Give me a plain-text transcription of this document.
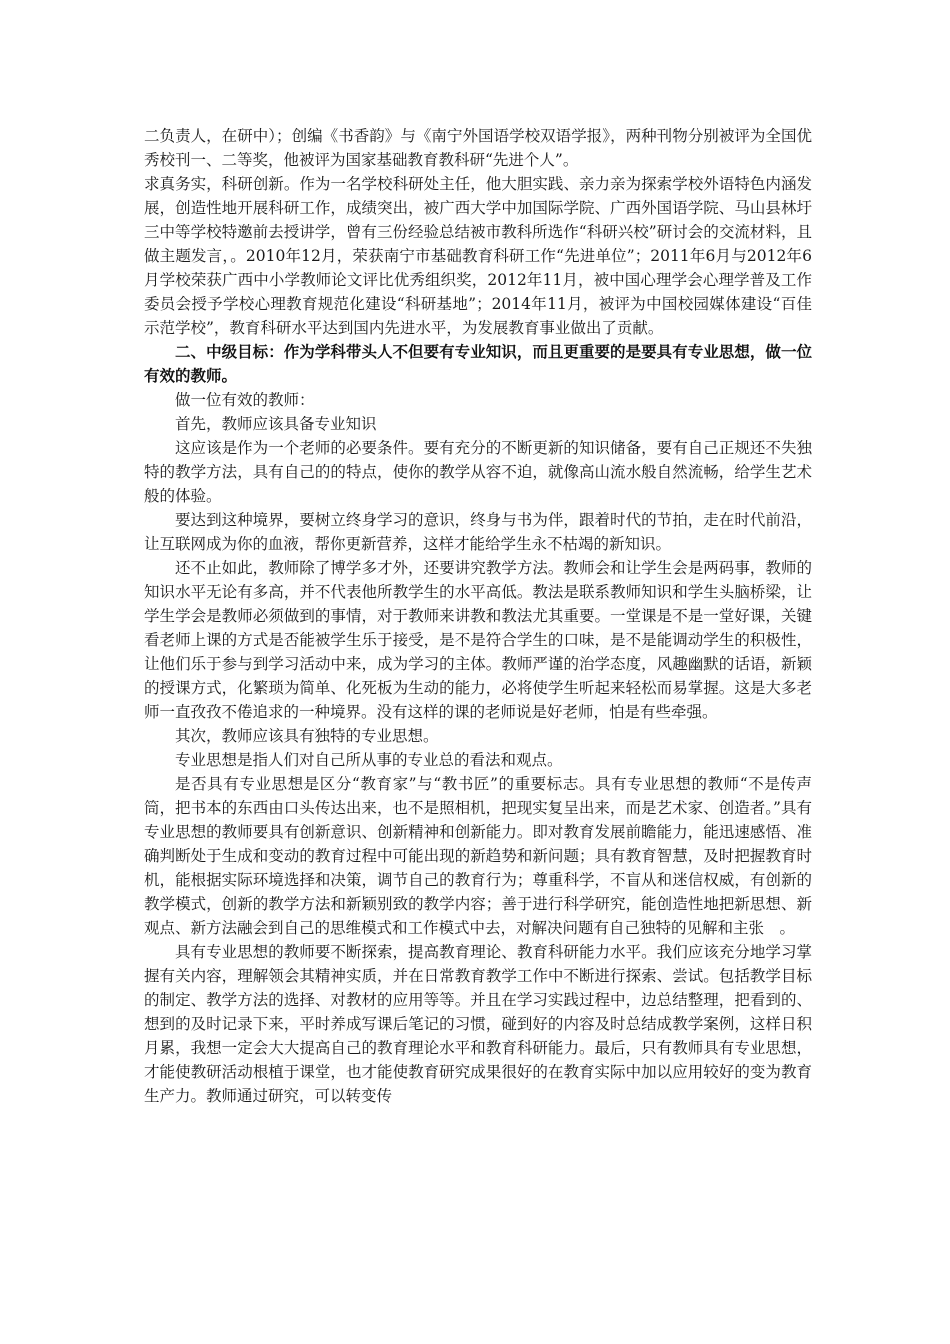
二负责人，在研中）；创编《书香韵》与《南宁外国语学校双语学报》，两种刊物分别被评为全国优秀校刊一、二等奖，他被评为国家基础教育教科研“先进个人”。

求真务实，科研创新。作为一名学校科研处主任，他大胆实践、亲力亲为探索学校外语特色内涵发展，创造性地开展科研工作，成绩突出，被广西大学中加国际学院、广西外国语学院、马山县林圩三中等学校特邀前去授讲学，曾有三份经验总结被市教科所选作“科研兴校”研讨会的交流材料，且做主题发言，。2010年12月，荣获南宁市基础教育科研工作“先进单位”；2011年6月与2012年6月学校荣获广西中小学教师论文评比优秀组织奖，2012年11月，被中国心理学会心理学普及工作委员会授予学校心理教育规范化建设“科研基地”；2014年11月，被评为中国校园媒体建设“百佳示范学校”，教育科研水平达到国内先进水平，为发展教育事业做出了贡献。

二、中级目标：作为学科带头人不但要有专业知识，而且更重要的是要具有专业思想，做一位有效的教师。

做一位有效的教师：

首先，教师应该具备专业知识

这应该是作为一个老师的必要条件。要有充分的不断更新的知识储备，要有自己正规还不失独特的教学方法，具有自己的的特点，使你的教学从容不迫，就像高山流水般自然流畅，给学生艺术般的体验。

要达到这种境界，要树立终身学习的意识，终身与书为伴，跟着时代的节拍，走在时代前沿，让互联网成为你的血液，帮你更新营养，这样才能给学生永不枯竭的新知识。

还不止如此，教师除了博学多才外，还要讲究教学方法。教师会和让学生会是两码事，教师的知识水平无论有多高，并不代表他所教学生的水平高低。教法是联系教师知识和学生头脑桥梁，让学生学会是教师必须做到的事情，对于教师来讲教和教法尤其重要。一堂课是不是一堂好课，关键看老师上课的方式是否能被学生乐于接受，是不是符合学生的口味，是不是能调动学生的积极性，让他们乐于参与到学习活动中来，成为学习的主体。教师严谨的治学态度，风趣幽默的话语，新颖的授课方式，化繁琐为简单、化死板为生动的能力，必将使学生听起来轻松而易掌握。这是大多老师一直孜孜不倦追求的一种境界。没有这样的课的老师说是好老师，怕是有些牵强。

其次，教师应该具有独特的专业思想。

专业思想是指人们对自己所从事的专业总的看法和观点。

是否具有专业思想是区分“教育家”与“教书匠”的重要标志。具有专业思想的教师“不是传声筒，把书本的东西由口头传达出来，也不是照相机，把现实复呈出来，而是艺术家、创造者。”具有专业思想的教师要具有创新意识、创新精神和创新能力。即对教育发展前瞻能力，能迅速感悟、准确判断处于生成和变动的教育过程中可能出现的新趋势和新问题；具有教育智慧，及时把握教育时机，能根据实际环境选择和决策，调节自己的教育行为；尊重科学，不盲从和迷信权威，有创新的教学模式，创新的教学方法和新颖别致的教学内容；善于进行科学研究，能创造性地把新思想、新观点、新方法融会到自己的思维模式和工作模式中去，对解决问题有自己独特的见解和主张　。

具有专业思想的教师要不断探索，提高教育理论、教育科研能力水平。我们应该充分地学习掌握有关内容，理解领会其精神实质，并在日常教育教学工作中不断进行探索、尝试。包括教学目标的制定、教学方法的选择、对教材的应用等等。并且在学习实践过程中，边总结整理，把看到的、想到的及时记录下来，平时养成写课后笔记的习惯，碰到好的内容及时总结成教学案例，这样日积月累，我想一定会大大提高自己的教育理论水平和教育科研能力。最后，只有教师具有专业思想，才能使教研活动根植于课堂，也才能使教育研究成果很好的在教育实际中加以应用较好的变为教育生产力。教师通过研究，可以转变传
